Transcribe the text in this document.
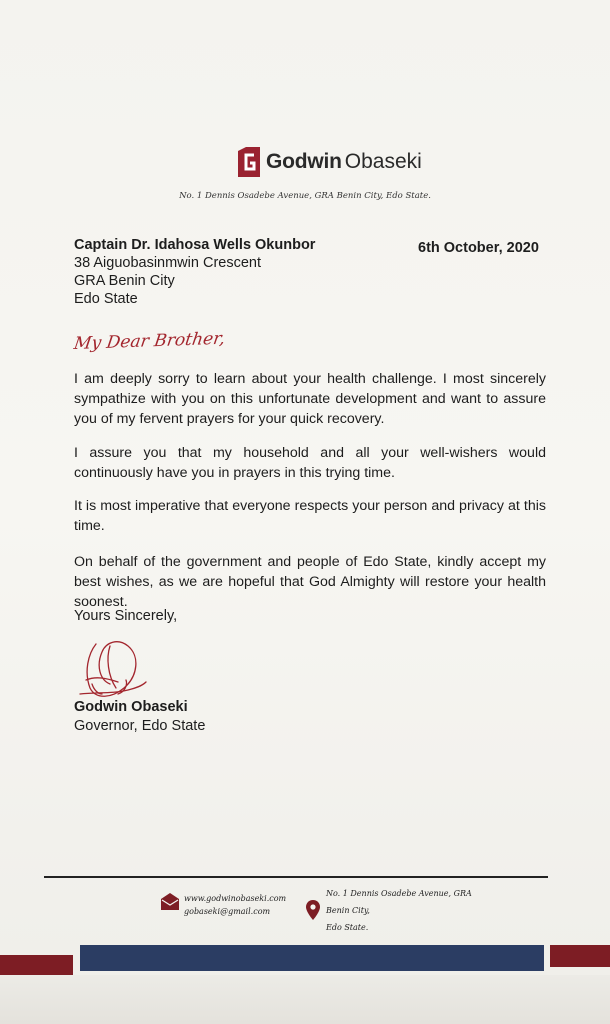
Godwin Obaseki
No. 1 Dennis Osadebe Avenue, GRA Benin City, Edo State.
Captain Dr. Idahosa Wells Okunbor
38 Aiguobasinmwin Crescent
GRA Benin City
Edo State
6th October, 2020
My Dear Brother,
I am deeply sorry to learn about your health challenge. I most sincerely sympathize with you on this unfortunate development and want to assure you of my fervent prayers for your quick recovery.
I assure you that my household and all your well-wishers would continuously have you in prayers in this trying time.
It is most imperative that everyone respects your person and privacy at this time.
On behalf of the government and people of Edo State, kindly accept my best wishes, as we are hopeful that God Almighty will restore your health soonest.
Yours Sincerely,
Godwin Obaseki
Governor, Edo State
www.godwinobaseki.com
gobaseki@gmail.com
No. 1 Dennis Osadebe Avenue, GRA
Benin City,
Edo State.
